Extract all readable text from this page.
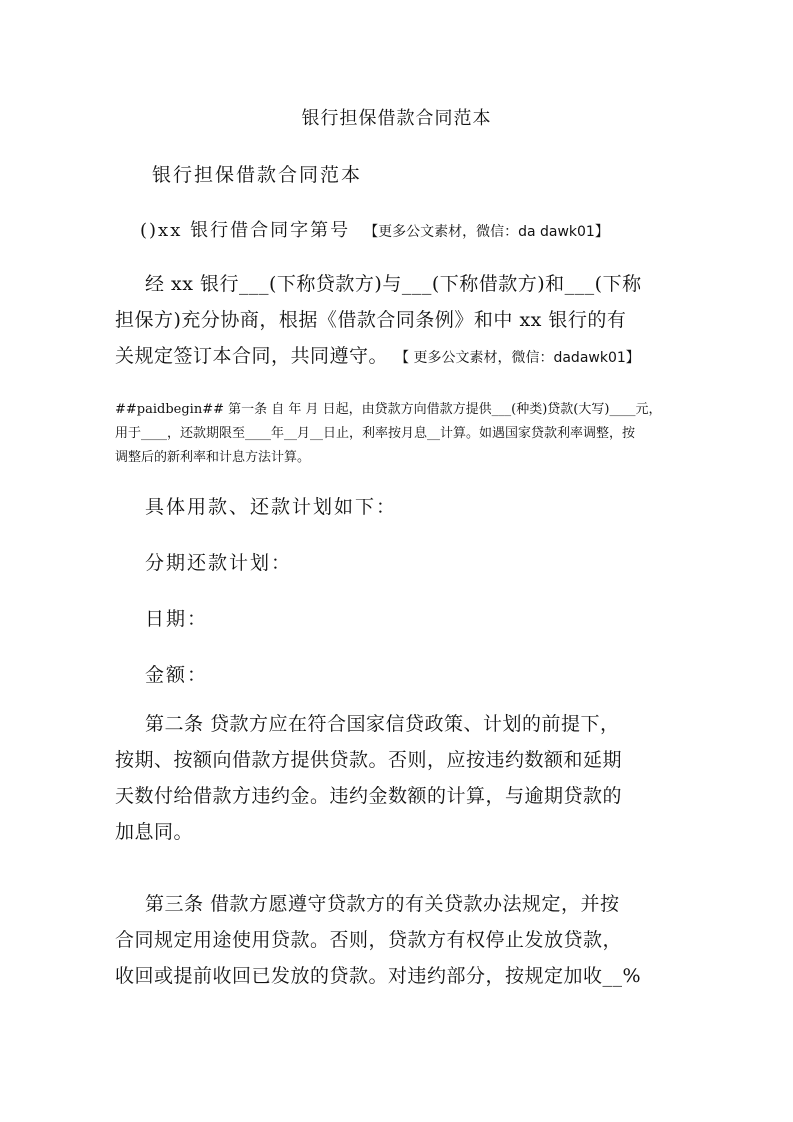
银行担保借款合同范本
银行担保借款合同范本
()xx 银行借合同字第号 【更多公文素材，微信：da dawk01】
经 xx 银行___(下称贷款方)与___(下称借款方)和___(下称
担保方)充分协商，根据《借款合同条例》和中 xx 银行的有
关规定签订本合同，共同遵守。 【 更多公文素材，微信：dadawk01】
##paidbegin## 第一条 自 年 月 日起，由贷款方向借款方提供___(种类)贷款(大写)____元，
用于____，还款期限至____年__月__日止，利率按月息__计算。如遇国家贷款利率调整，按
调整后的新利率和计息方法计算。
具体用款、还款计划如下：
分期还款计划：
日期：
金额：
第二条 贷款方应在符合国家信贷政策、计划的前提下，
按期、按额向借款方提供贷款。否则，应按违约数额和延期
天数付给借款方违约金。违约金数额的计算，与逾期贷款的
加息同。
第三条 借款方愿遵守贷款方的有关贷款办法规定，并按
合同规定用途使用贷款。否则，贷款方有权停止发放贷款，
收回或提前收回已发放的贷款。对违约部分，按规定加收__%
